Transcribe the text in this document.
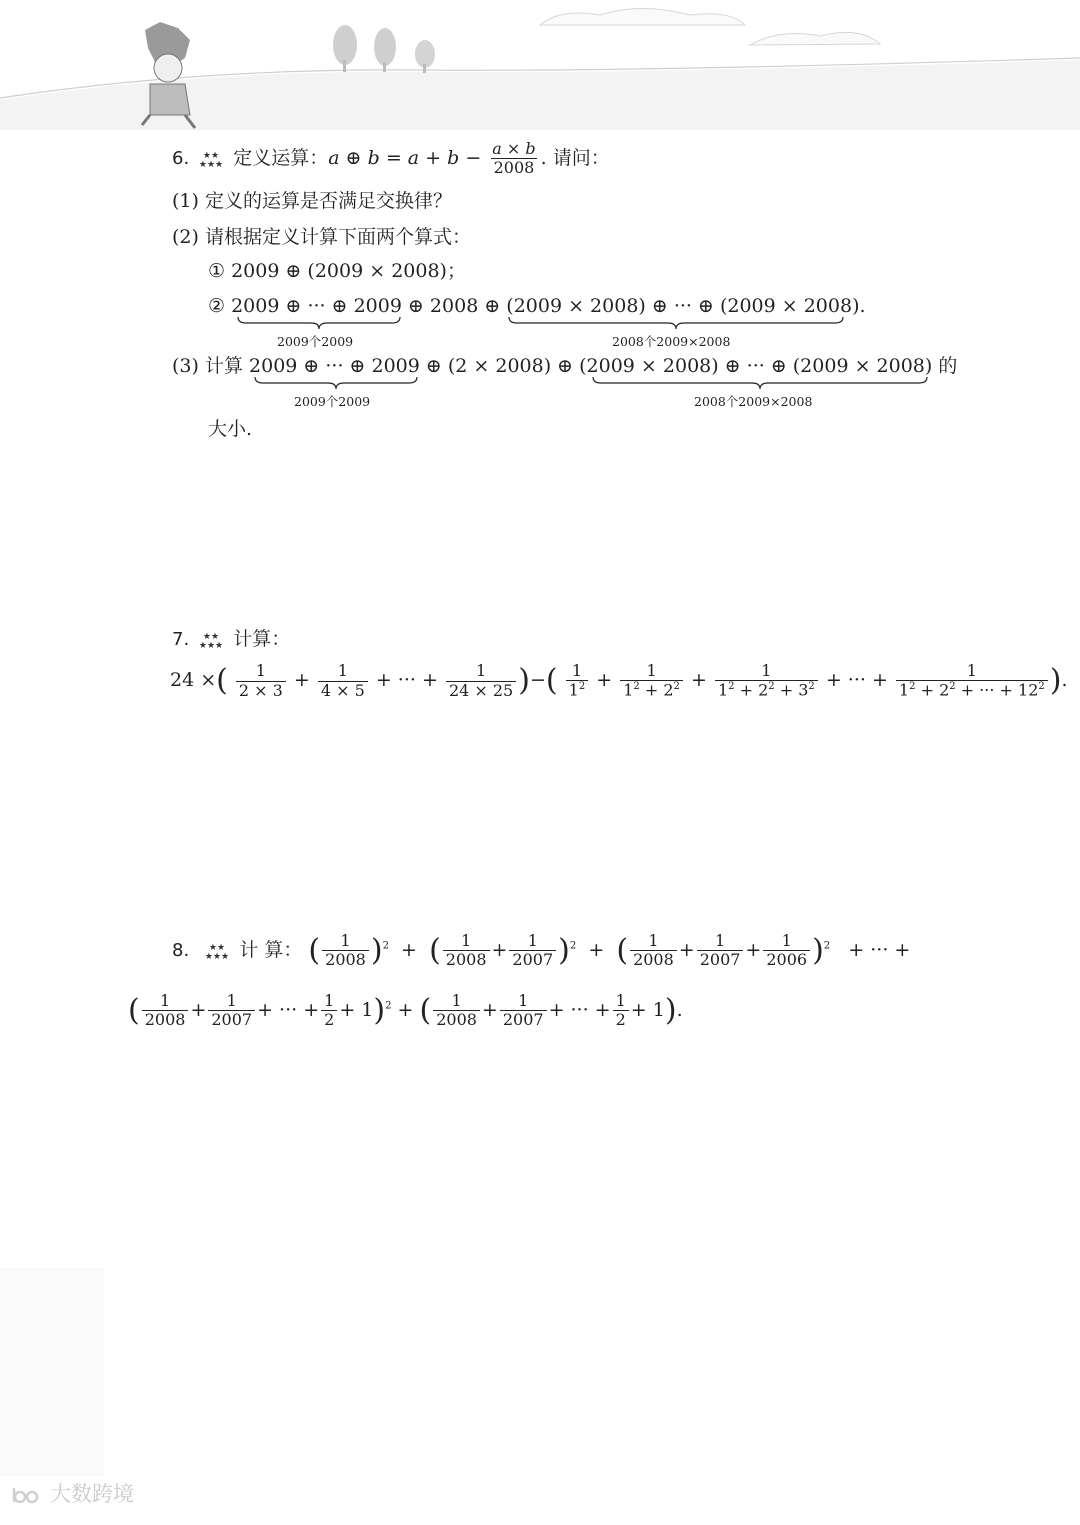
6. ★★
★★★ 定义运算：a ⊕ $b = a + b - \frac{a \times b}{2008}$ . 请问：
(1) 定义的运算是否满足交换律？
(2) 请根据定义计算下面两个算式：
① 2009 ⊕ (2009 × 2008)；
② 2009 ⊕ ··· ⊕ 2009 ⊕ 2008 ⊕ (2009 × 2008) ⊕ ··· ⊕ (2009 × 2008).
2009个2009	2008个2009×2008
(3) 计算 2009 ⊕ ··· ⊕ 2009 ⊕ (2 × 2008) ⊕ (2009 × 2008) ⊕ ··· ⊕ (2009 × 2008) 的
2009个2009	2008个2009×2008
大小.
7. ★★
★★★ 计算：
24 ×( $\frac{1}{2 \times 3} + \frac{1}{4 \times 5}$ + ··· + $\frac{1}{24 \times 25}$ )−( $\frac{1}{1^2} + \frac{1}{1^2 + 2^2} + \frac{1}{1^2 + 2^2 + 3^2}$ + ··· + $\frac{1}{1^2 + 2^2 + \cdot\cdot\cdot + 12^2}$ ).
8. ★★
★★★ 计 算： ( $\frac{1}{2008} )^2$ + ( $\frac{1}{2008} + \frac{1}{2007} )^2$ + ( $\frac{1}{2008} + \frac{1}{2007} + \frac{1}{2006} )^2$ + ··· +
( $\frac{1}{2008} + \frac{1}{2007}$ + ··· + $\frac{1}{2} + 1)^2$ + ( $\frac{1}{2008} + \frac{1}{2007}$ + ··· + $\frac{1}{2} + 1$).
大数跨境
